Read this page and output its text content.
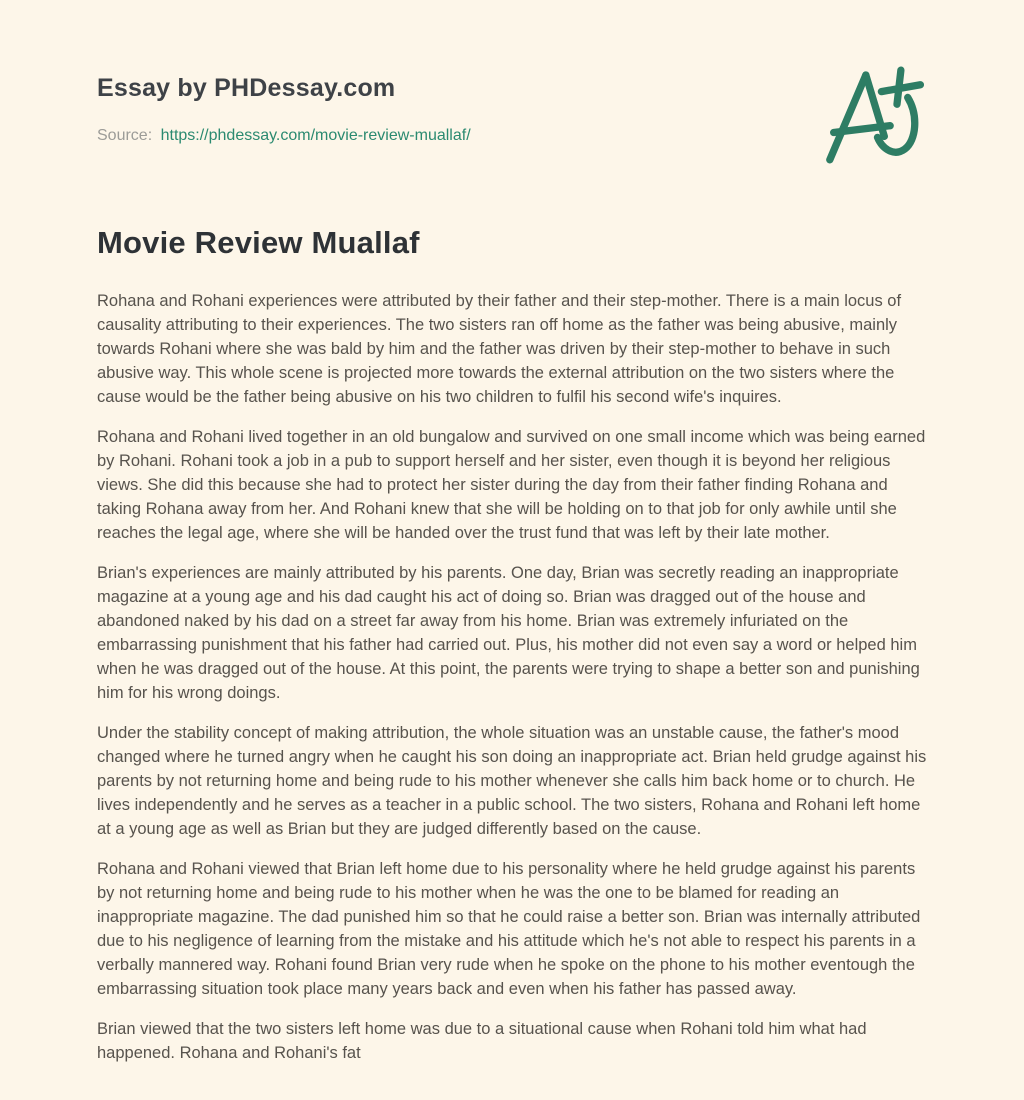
Essay by PHDessay.com

Source: https://phdessay.com/movie-review-muallaf/

Movie Review Muallaf

Rohana and Rohani experiences were attributed by their father and their step-mother. There is a main locus of causality attributing to their experiences. The two sisters ran off home as the father was being abusive, mainly towards Rohani where she was bald by him and the father was driven by their step-mother to behave in such abusive way. This whole scene is projected more towards the external attribution on the two sisters where the cause would be the father being abusive on his two children to fulfil his second wife's inquires.

Rohana and Rohani lived together in an old bungalow and survived on one small income which was being earned by Rohani. Rohani took a job in a pub to support herself and her sister, even though it is beyond her religious views. She did this because she had to protect her sister during the day from their father finding Rohana and taking Rohana away from her. And Rohani knew that she will be holding on to that job for only awhile until she reaches the legal age, where she will be handed over the trust fund that was left by their late mother.

Brian's experiences are mainly attributed by his parents. One day, Brian was secretly reading an inappropriate magazine at a young age and his dad caught his act of doing so. Brian was dragged out of the house and abandoned naked by his dad on a street far away from his home. Brian was extremely infuriated on the embarrassing punishment that his father had carried out. Plus, his mother did not even say a word or helped him when he was dragged out of the house. At this point, the parents were trying to shape a better son and punishing him for his wrong doings.

Under the stability concept of making attribution, the whole situation was an unstable cause, the father's mood changed where he turned angry when he caught his son doing an inappropriate act. Brian held grudge against his parents by not returning home and being rude to his mother whenever she calls him back home or to church. He lives independently and he serves as a teacher in a public school. The two sisters, Rohana and Rohani left home at a young age as well as Brian but they are judged differently based on the cause.

Rohana and Rohani viewed that Brian left home due to his personality where he held grudge against his parents by not returning home and being rude to his mother when he was the one to be blamed for reading an inappropriate magazine. The dad punished him so that he could raise a better son. Brian was internally attributed due to his negligence of learning from the mistake and his attitude which he's not able to respect his parents in a verbally mannered way. Rohani found Brian very rude when he spoke on the phone to his mother eventough the embarrassing situation took place many years back and even when his father has passed away.

Brian viewed that the two sisters left home was due to a situational cause when Rohani told him what had happened. Rohana and Rohani's fat
